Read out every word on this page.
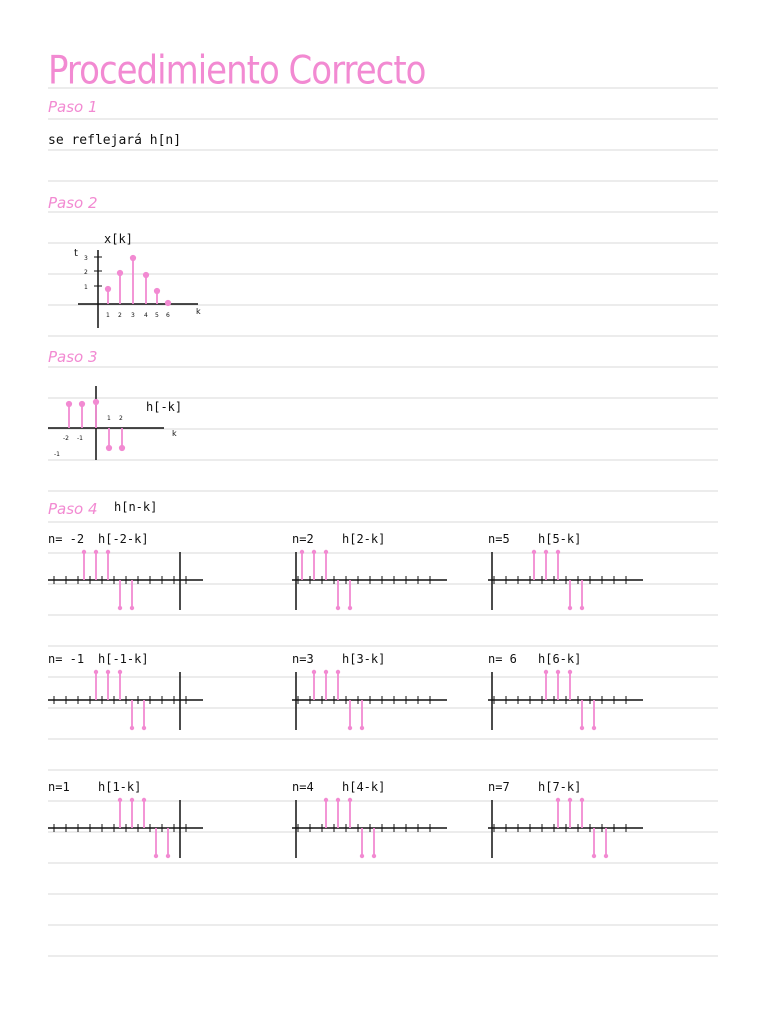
Procedimiento Correcto
Paso 1
se reflejará h[n]
Paso 2
x[k]
t 3
2
1
1 2 3 4 5 6	k
Paso 3
k
-2 -1
1 2
-1
h[-k]
Paso 4 h[n-k]
n= -2 h[-2-k]	n=2 h[2-k]	n=5 h[5-k]
n= -1 h[-1-k]	n=3 h[3-k]	n= 6 h[6-k]
n=1 h[1-k]	n=4 h[4-k]	n=7 h[7-k]
